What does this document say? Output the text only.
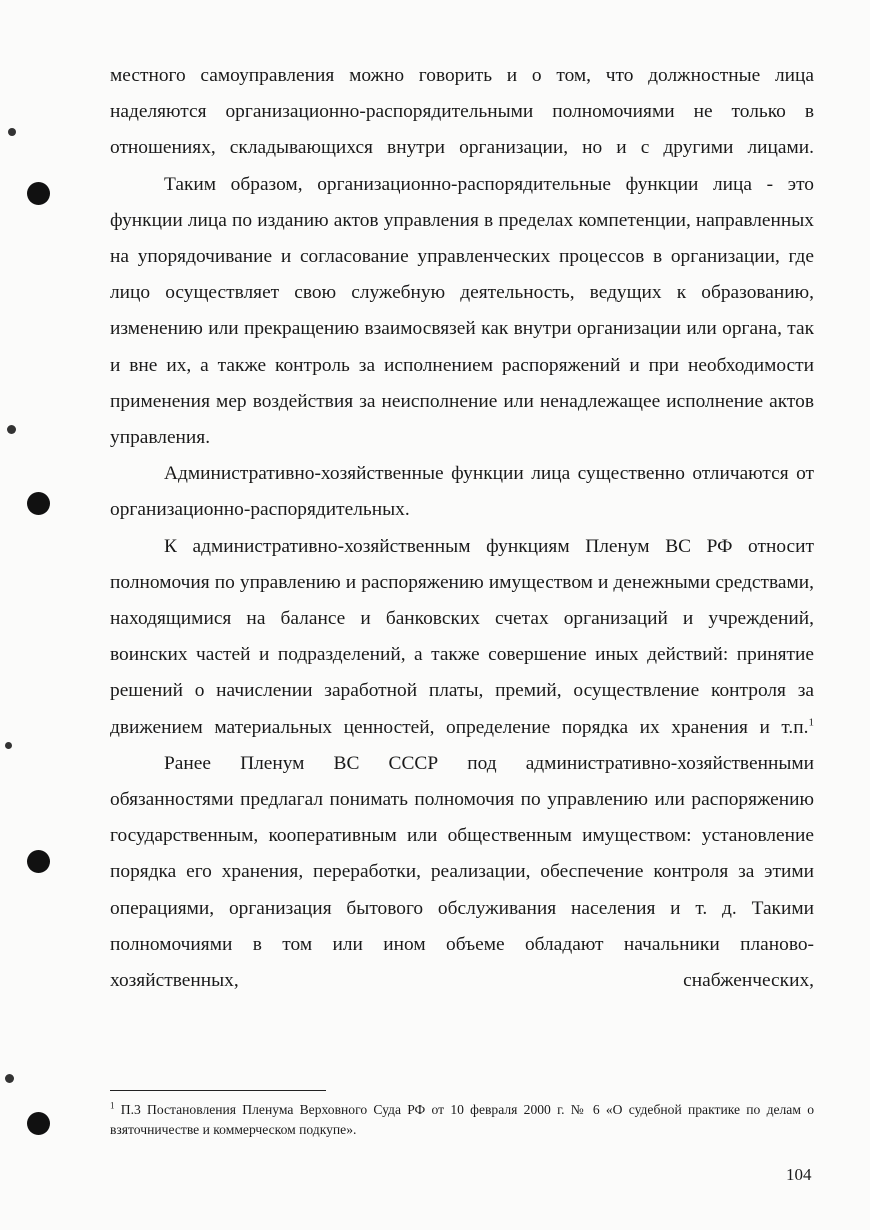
местного самоуправления можно говорить и о том, что должностные лица наделяются организационно-распорядительными полномочиями не только в отношениях, складывающихся внутри организации, но и с другими лицами.

Таким образом, организационно-распорядительные функции лица - это функции лица по изданию актов управления в пределах компетенции, направленных на упорядочивание и согласование управленческих процессов в организации, где лицо осуществляет свою служебную деятельность, ведущих к образованию, изменению или прекращению взаимосвязей как внутри организации или органа, так и вне их, а также контроль за исполнением распоряжений и при необходимости применения мер воздействия за неисполнение или ненадлежащее исполнение актов управления.

Административно-хозяйственные функции лица существенно отличаются от организационно-распорядительных.

К административно-хозяйственным функциям Пленум ВС РФ относит полномочия по управлению и распоряжению имуществом и денежными средствами, находящимися на балансе и банковских счетах организаций и учреждений, воинских частей и подразделений, а также совершение иных действий: принятие решений о начислении заработной платы, премий, осуществление контроля за движением материальных ценностей, определение порядка их хранения и т.п.$^1$

Ранее Пленум ВС СССР под административно-хозяйственными обязанностями предлагал понимать полномочия по управлению или распоряжению государственным, кооперативным или общественным имуществом: установление порядка его хранения, переработки, реализации, обеспечение контроля за этими операциями, организация бытового обслуживания населения и т. д. Такими полномочиями в том или ином объеме обладают начальники планово-хозяйственных, снабженческих,

$^1$ П.3 Постановления Пленума Верховного Суда РФ от 10 февраля 2000 г. № 6 «О судебной практике по делам о взяточничестве и коммерческом подкупе».

104
